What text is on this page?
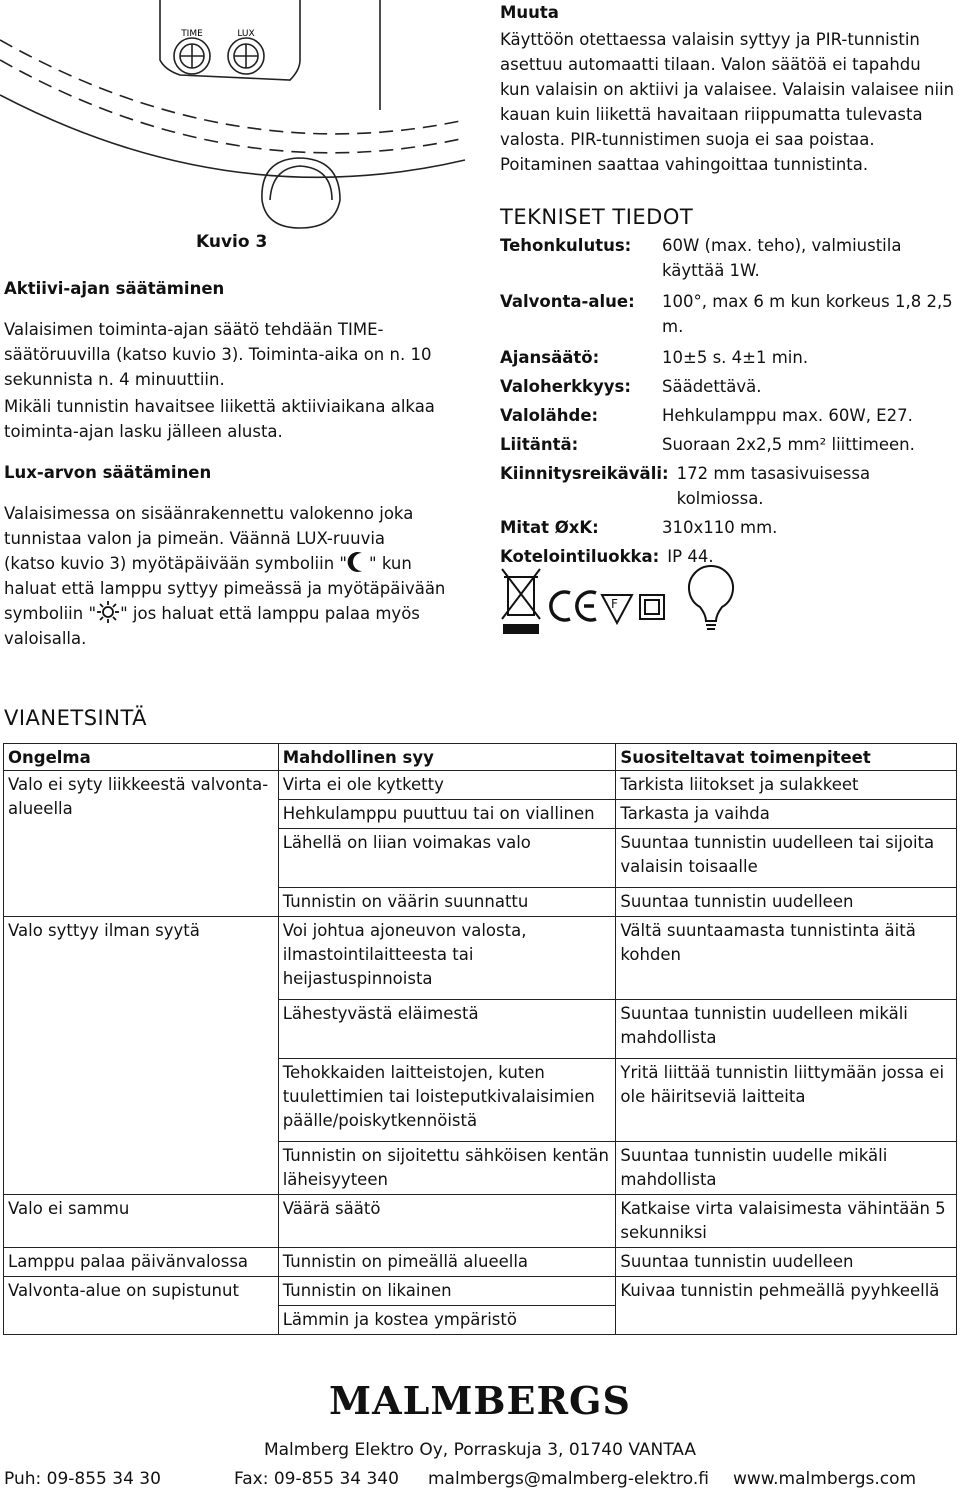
TIME	LUX
Kuvio 3
Aktiivi-ajan säätäminen

Valaisimen toiminta-ajan säätö tehdään TIME-säätöruuvilla (katso kuvio 3). Toiminta-aika on n. 10 sekunnista n. 4 minuuttiin.

Mikäli tunnistin havaitsee liikettä aktiiviaikana alkaa toiminta-ajan lasku jälleen alusta.

Lux-arvon säätäminen

Valaisimessa on sisäänrakennettu valokenno joka tunnistaa valon ja pimeän. Väännä LUX-ruuvia

(katso kuvio 3) myötäpäivään symboliin " " kun

haluat että lamppu syttyy pimeässä ja myötäpäivään

symboliin " " jos haluat että lamppu palaa myös

valoisalla.

Muuta

Käyttöön otettaessa valaisin syttyy ja PIR-tunnistin asettuu automaatti tilaan. Valon säätöä ei tapahdu kun valaisin on aktiivi ja valaisee. Valaisin valaisee niin kauan kuin liikettä havaitaan riippumatta tulevasta valosta. PIR-tunnistimen suoja ei saa poistaa. Poitaminen saattaa vahingoittaa tunnistinta.

TEKNISET TIEDOT
Tehonkulutus:	60W (max. teho), valmiustila käyttää 1W.
Valvonta-alue:	100°, max 6 m kun korkeus 1,8 2,5 m.
Ajansäätö:	10±5 s. 4±1 min.
Valoherkkyys:	Säädettävä.
Valolähde:	Hehkulamppu max. 60W, E27.
Liitäntä:	Suoraan 2x2,5 mm² liittimeen.
Kiinnitysreikäväli: 172 mm tasasivuisessa kolmiossa.
Mitat ØxK:	310x110 mm.
Kotelointiluokka: IP 44.
F
VIANETSINTÄ
Ongelma	Mahdollinen syy	Suositeltavat toimenpiteet
Valo ei syty liikkeestä valvonta-alueella	Virta ei ole kytketty	Tarkista liitokset ja sulakkeet
	Hehkulamppu puuttuu tai on viallinen	Tarkasta ja vaihda
	Lähellä on liian voimakas valo	Suuntaa tunnistin uudelleen tai sijoita valaisin toisaalle
	Tunnistin on väärin suunnattu	Suuntaa tunnistin uudelleen
Valo syttyy ilman syytä	Voi johtua ajoneuvon valosta, ilmastointilaitteesta tai heijastuspinnoista	Vältä suuntaamasta tunnistinta äitä kohden
	Lähestyvästä eläimestä	Suuntaa tunnistin uudelleen mikäli mahdollista
	Tehokkaiden laitteistojen, kuten tuulettimien tai loisteputkivalaisimien päälle/poiskytkennöistä	Yritä liittää tunnistin liittymään jossa ei ole häiritseviä laitteita
	Tunnistin on sijoitettu sähköisen kentän läheisyyteen	Suuntaa tunnistin uudelle mikäli mahdollista
Valo ei sammu	Väärä säätö	Katkaise virta valaisimesta vähintään 5 sekunniksi
Lamppu palaa päivänvalossa	Tunnistin on pimeällä alueella	Suuntaa tunnistin uudelleen
Valvonta-alue on supistunut	Tunnistin on likainen	Kuivaa tunnistin pehmeällä pyyhkeellä
	Lämmin ja kostea ympäristö	
MALMBERGS
Malmberg Elektro Oy, Porraskuja 3, 01740 VANTAA
Puh: 09-855 34 30	Fax: 09-855 34 340 malmbergs@malmberg-elektro.fi www.malmbergs.com
